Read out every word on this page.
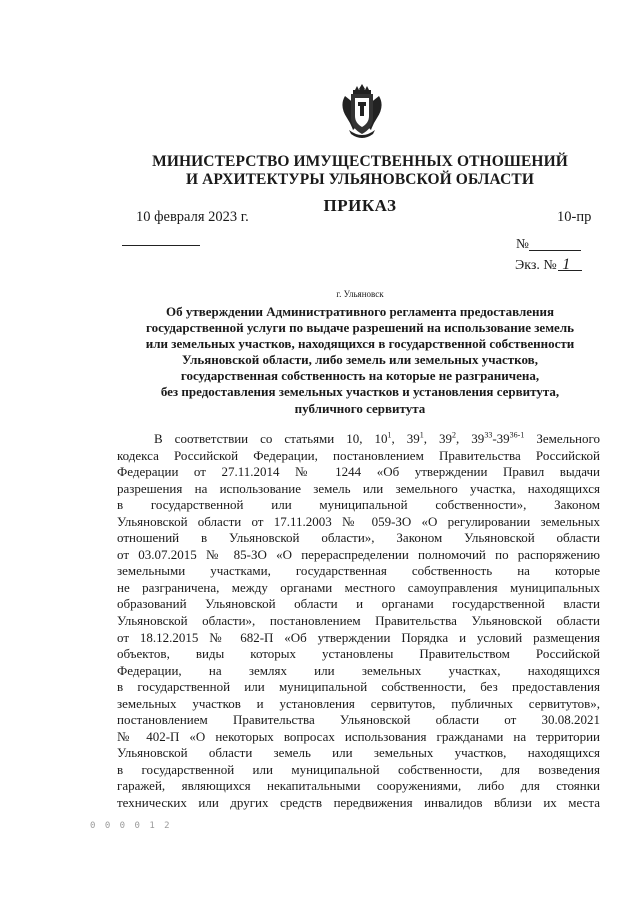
МИНИСТЕРСТВО ИМУЩЕСТВЕННЫХ ОТНОШЕНИЙ
И АРХИТЕКТУРЫ УЛЬЯНОВСКОЙ ОБЛАСТИ
ПРИКАЗ
10 февраля 2023 г.	10-пр
№
Экз. № 1
г. Ульяновск
Об утверждении Административного регламента предоставления
государственной услуги по выдаче разрешений на использование земель
или земельных участков, находящихся в государственной собственности
Ульяновской области, либо земель или земельных участков,
государственная собственность на которые не разграничена,
без предоставления земельных участков и установления сервитута,
публичного сервитута
В соответствии со статьями 10, $10^1$, $39^1$, $39^2$, $39^{33}-39^{36-1}$ Земельного
кодекса Российской Федерации, постановлением Правительства Российской
Федерации от 27.11.2014 № 1244 «Об утверждении Правил выдачи
разрешения на использование земель или земельного участка, находящихся
в государственной или муниципальной собственности», Законом
Ульяновской области от 17.11.2003 № 059-ЗО «О регулировании земельных
отношений в Ульяновской области», Законом Ульяновской области
от 03.07.2015 № 85-ЗО «О перераспределении полномочий по распоряжению
земельными участками, государственная собственность на которые
не разграничена, между органами местного самоуправления муниципальных
образований Ульяновской области и органами государственной власти
Ульяновской области», постановлением Правительства Ульяновской области
от 18.12.2015 № 682-П «Об утверждении Порядка и условий размещения
объектов, виды которых установлены Правительством Российской
Федерации, на землях или земельных участках, находящихся
в государственной или муниципальной собственности, без предоставления
земельных участков и установления сервитутов, публичных сервитутов»,
постановлением Правительства Ульяновской области от 30.08.2021
№ 402-П «О некоторых вопросах использования гражданами на территории
Ульяновской области земель или земельных участков, находящихся
в государственной или муниципальной собственности, для возведения
гаражей, являющихся некапитальными сооружениями, либо для стоянки
технических или других средств передвижения инвалидов вблизи их места
0 0 0 0 1 2
